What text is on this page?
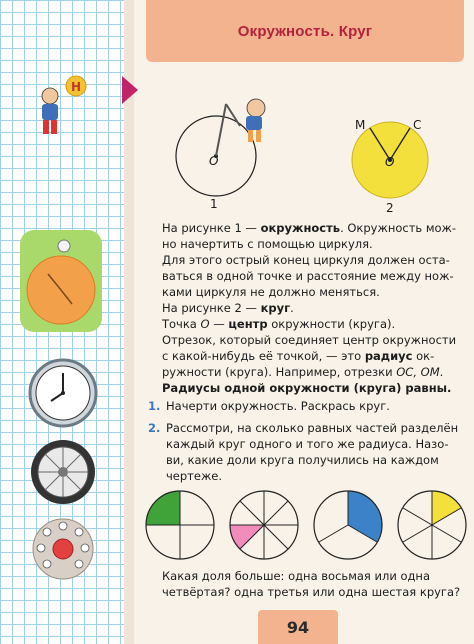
Н
Окружность. Круг
O
1
M	C
O
2

На рисунке 1 — окружность. Окружность мож-но начертить с помощью циркуля.

Для этого острый конец циркуля должен оста-ваться в одной точке и расстояние между нож-ками циркуля не должно меняться.

На рисунке 2 — круг.

Точка O — центр окружности (круга).

Отрезок, который соединяет центр окружности с какой-нибудь её точкой, — это радиус ок-ружности (круга). Например, отрезки OC, OM.

Радиусы одной окружности (круга) равны.

1. Начерти окружность. Раскрась круг.
2. Рассмотри, на сколько равных частей разделён каждый круг одного и того же радиуса. Назо-ви, какие доли круга получились на каждом чертеже.
Какая доля больше: одна восьмая или одна четвёртая? одна третья или одна шестая круга?
94
